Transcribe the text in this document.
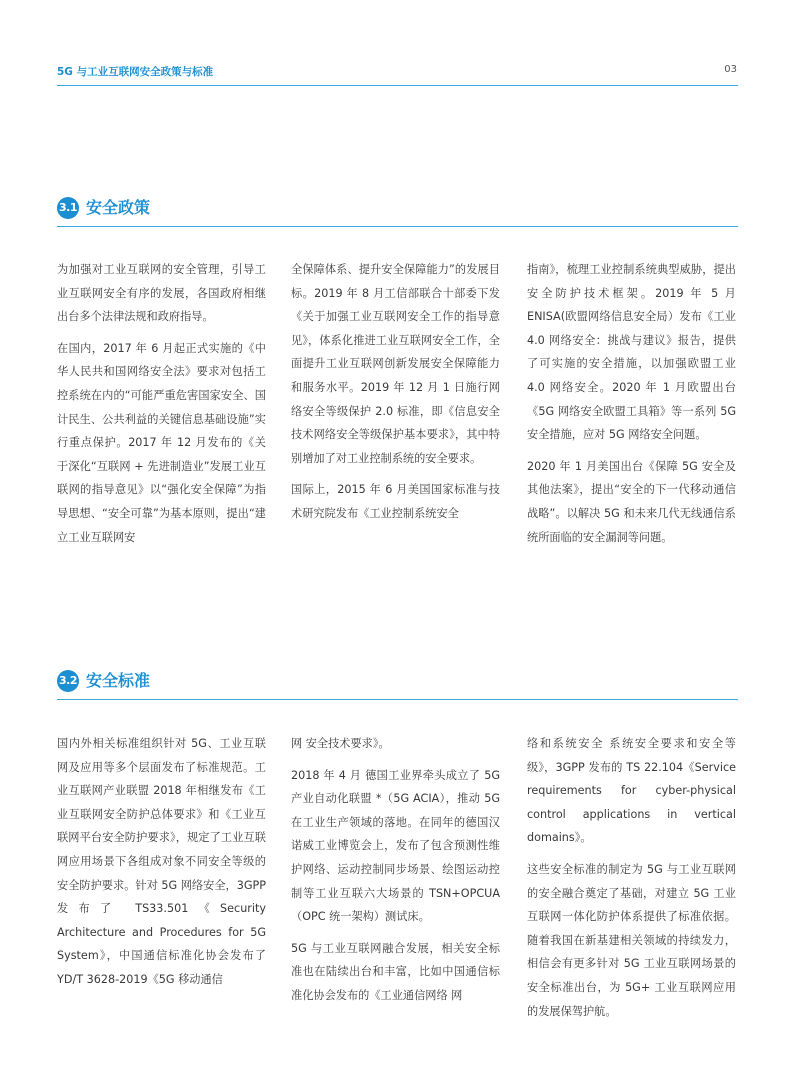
5G 与工业互联网安全政策与标准	03
3.1 安全政策

为加强对工业互联网的安全管理，引导工业互联网安全有序的发展，各国政府相继出台多个法律法规和政府指导。

在国内，2017 年 6 月起正式实施的《中华人民共和国网络安全法》要求对包括工控系统在内的“可能严重危害国家安全、国计民生、公共利益的关键信息基础设施”实行重点保护。2017 年 12 月发布的《关于深化“互联网 + 先进制造业”发展工业互联网的指导意见》以“强化安全保障”为指导思想、“安全可靠”为基本原则，提出“建立工业互联网安

全保障体系、提升安全保障能力”的发展目标。2019 年 8 月工信部联合十部委下发《关于加强工业互联网安全工作的指导意见》，体系化推进工业互联网安全工作，全面提升工业互联网创新发展安全保障能力和服务水平。2019 年 12 月 1 日施行网络安全等级保护 2.0 标准，即《信息安全技术网络安全等级保护基本要求》，其中特别增加了对工业控制系统的安全要求。

国际上，2015 年 6 月美国国家标准与技术研究院发布《工业控制系统安全

指南》，梳理工业控制系统典型威胁，提出安全防护技术框架。2019 年 5 月ENISA(欧盟网络信息安全局）发布《工业 4.0 网络安全：挑战与建议》报告，提供了可实施的安全措施，以加强欧盟工业 4.0 网络安全。2020 年 1 月欧盟出台《5G 网络安全欧盟工具箱》等一系列 5G 安全措施，应对 5G 网络安全问题。

2020 年 1 月美国出台《保障 5G 安全及其他法案》，提出“安全的下一代移动通信战略”。以解决 5G 和未来几代无线通信系统所面临的安全漏洞等问题。

3.2 安全标准

国内外相关标准组织针对 5G、工业互联网及应用等多个层面发布了标准规范。工业互联网产业联盟 2018 年相继发布《工业互联网安全防护总体要求》和《工业互联网平台安全防护要求》，规定了工业互联网应用场景下各组成对象不同安全等级的安全防护要求。针对 5G 网络安全，3GPP 发布了 TS33.501《Security Architecture and Procedures for 5G System》，中国通信标准化协会发布了 YD/T 3628-2019《5G 移动通信

网 安全技术要求》。

2018 年 4 月 德国工业界牵头成立了 5G 产业自动化联盟 *（5G ACIA），推动 5G 在工业生产领域的落地。在同年的德国汉诺威工业博览会上，发布了包含预测性维护网络、运动控制同步场景、绘图运动控制等工业互联六大场景的 TSN+OPCUA（OPC 统一架构）测试床。

5G 与工业互联网融合发展，相关安全标准也在陆续出台和丰富，比如中国通信标准化协会发布的《工业通信网络 网

络和系统安全 系统安全要求和安全等级》，3GPP 发布的 TS 22.104《Service requirements for cyber-physical control applications in vertical domains》。

这些安全标准的制定为 5G 与工业互联网的安全融合奠定了基础，对建立 5G 工业互联网一体化防护体系提供了标准依据。随着我国在新基建相关领域的持续发力，相信会有更多针对 5G 工业互联网场景的安全标准出台，为 5G+ 工业互联网应用的发展保驾护航。
